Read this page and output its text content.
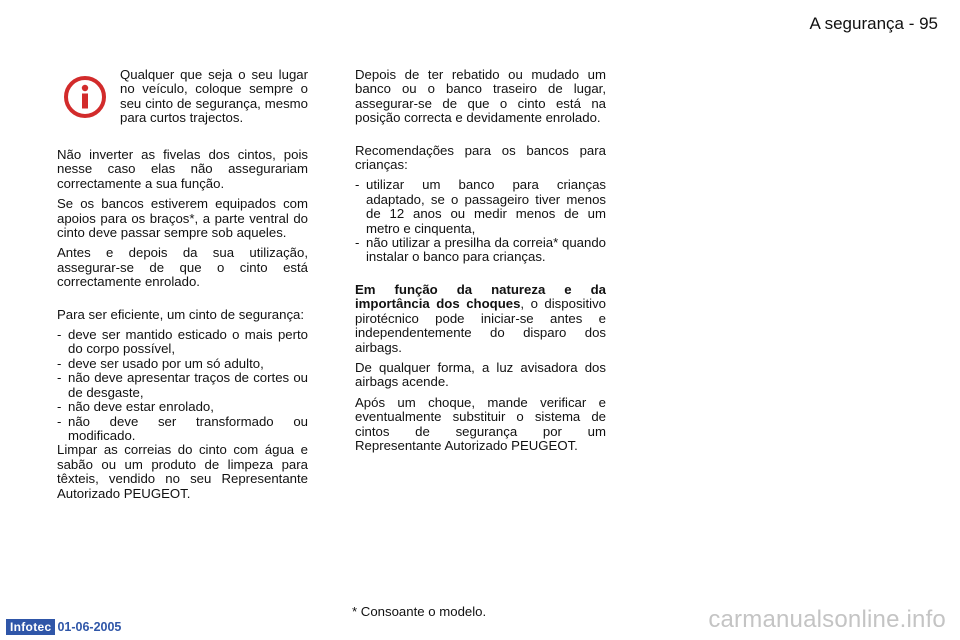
A segurança - 95

Qualquer que seja o seu lugar no veículo, coloque sempre o seu cinto de segurança, mesmo para curtos trajectos.

Não inverter as fivelas dos cintos, pois nesse caso elas não assegurariam correctamente a sua função.

Se os bancos estiverem equipados com apoios para os braços*, a parte ventral do cinto deve passar sempre sob aqueles.

Antes e depois da sua utilização, assegurar-se de que o cinto está correctamente enrolado.

Para ser eficiente, um cinto de segurança:

- deve ser mantido esticado o mais perto do corpo possível,
- deve ser usado por um só adulto,
- não deve apresentar traços de cortes ou de desgaste,
- não deve estar enrolado,
- não deve ser transformado ou modificado.

Limpar as correias do cinto com água e sabão ou um produto de limpeza para têxteis, vendido no seu Representante Autorizado PEUGEOT.

Depois de ter rebatido ou mudado um banco ou o banco traseiro de lugar, assegurar-se de que o cinto está na posição correcta e devidamente enrolado.

Recomendações para os bancos para crianças:

- utilizar um banco para crianças adaptado, se o passageiro tiver menos de 12 anos ou medir menos de um metro e cinquenta,
- não utilizar a presilha da correia* quando instalar o banco para crianças.

Em função da natureza e da importância dos choques, o dispositivo pirotécnico pode iniciar-se antes e independentemente do disparo dos airbags.

De qualquer forma, a luz avisadora dos airbags acende.

Após um choque, mande verificar e eventualmente substituir o sistema de cintos de segurança por um Representante Autorizado PEUGEOT.

* Consoante o modelo.
Infotec 01-06-2005	carmanualsonline.info
